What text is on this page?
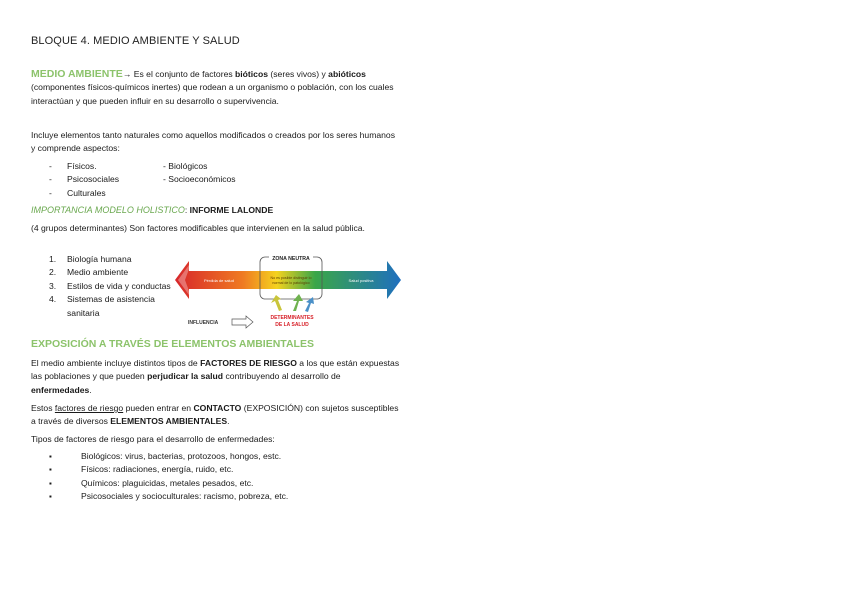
BLOQUE 4. MEDIO AMBIENTE Y SALUD
MEDIO AMBIENTE→ Es el conjunto de factores bióticos (seres vivos) y abióticos (componentes físicos-químicos inertes) que rodean a un organismo o población, con los cuales interactúan y que pueden influir en su desarrollo o supervivencia.
Incluye elementos tanto naturales como aquellos modificados o creados por los seres humanos y comprende aspectos:
- Físicos.	- Biológicos
- Psicosociales	- Socioeconómicos
- Culturales
IMPORTANCIA MODELO HOLISTICO: INFORME LALONDE
(4 grupos determinantes) Son factores modificables que intervienen en la salud pública.
1. Biología humana
2. Medio ambiente
3. Estilos de vida y conductas
4. Sistemas de asistencia sanitaria
ZONA NEUTRA
No es posible distinguir lo
normal de lo patológico
Pérdida de salud	Salud positiva
INFLUENCIA
DETERMINANTES
DE LA SALUD
EXPOSICIÓN A TRAVÉS DE ELEMENTOS AMBIENTALES
El medio ambiente incluye distintos tipos de FACTORES DE RIESGO a los que están expuestas las poblaciones y que pueden perjudicar la salud contribuyendo al desarrollo de enfermedades.
Estos factores de riesgo pueden entrar en CONTACTO (EXPOSICIÓN) con sujetos susceptibles a través de diversos ELEMENTOS AMBIENTALES.
Tipos de factores de riesgo para el desarrollo de enfermedades:
▪ Biológicos: virus, bacterias, protozoos, hongos, estc.
▪ Físicos: radiaciones, energía, ruido, etc.
▪ Químicos: plaguicidas, metales pesados, etc.
▪ Psicosociales y socioculturales: racismo, pobreza, etc.
